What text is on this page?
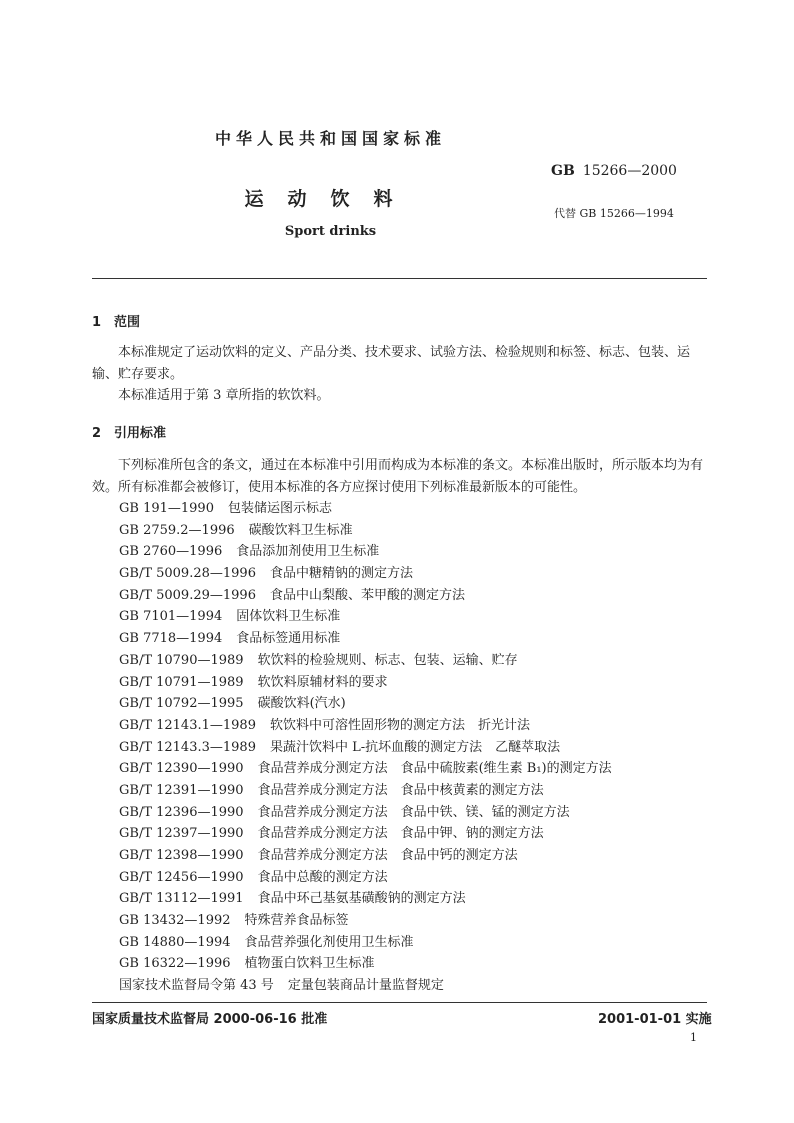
中华人民共和国国家标准
GB 15266—2000
运动饮料
代替 GB 15266—1994
Sport drinks
1 范围
本标准规定了运动饮料的定义、产品分类、技术要求、试验方法、检验规则和标签、标志、包装、运输、贮存要求。
本标准适用于第 3 章所指的软饮料。
2 引用标准
下列标准所包含的条文，通过在本标准中引用而构成为本标准的条文。本标准出版时，所示版本均为有效。所有标准都会被修订，使用本标准的各方应探讨使用下列标准最新版本的可能性。
GB 191—1990 包装储运图示标志
GB 2759.2—1996 碳酸饮料卫生标准
GB 2760—1996 食品添加剂使用卫生标准
GB/T 5009.28—1996 食品中糖精钠的测定方法
GB/T 5009.29—1996 食品中山梨酸、苯甲酸的测定方法
GB 7101—1994 固体饮料卫生标准
GB 7718—1994 食品标签通用标准
GB/T 10790—1989 软饮料的检验规则、标志、包装、运输、贮存
GB/T 10791—1989 软饮料原辅材料的要求
GB/T 10792—1995 碳酸饮料(汽水)
GB/T 12143.1—1989 软饮料中可溶性固形物的测定方法　折光计法
GB/T 12143.3—1989 果蔬汁饮料中 L-抗坏血酸的测定方法　乙醚萃取法
GB/T 12390—1990 食品营养成分测定方法　食品中硫胺素(维生素 B₁)的测定方法
GB/T 12391—1990 食品营养成分测定方法　食品中核黄素的测定方法
GB/T 12396—1990 食品营养成分测定方法　食品中铁、镁、锰的测定方法
GB/T 12397—1990 食品营养成分测定方法　食品中钾、钠的测定方法
GB/T 12398—1990 食品营养成分测定方法　食品中钙的测定方法
GB/T 12456—1990 食品中总酸的测定方法
GB/T 13112—1991 食品中环己基氨基磺酸钠的测定方法
GB 13432—1992 特殊营养食品标签
GB 14880—1994 食品营养强化剂使用卫生标准
GB 16322—1996 植物蛋白饮料卫生标准
国家技术监督局令第 43 号 定量包装商品计量监督规定
国家质量技术监督局 2000-06-16 批准	2001-01-01 实施
1
